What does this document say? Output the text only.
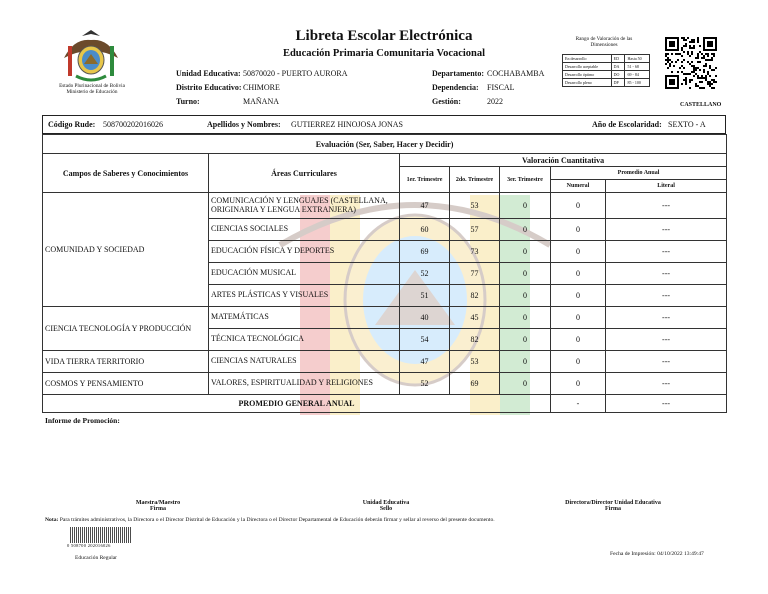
Estado Plurinacional de Bolivia
Ministerio de Educación
Libreta Escolar Electrónica
Educación Primaria Comunitaria Vocacional
Unidad Educativa: 50870020 - PUERTO AURORA
Distrito Educativo: CHIMORE
Turno:	MAÑANA
Departamento: COCHABAMBA
Dependencia: FISCAL
Gestión:	2022
Rango de Valoración de las Dimensiones
En desarrollo	ED	Hasta 50
Desarrollo aceptable	DA	51 - 68
Desarrollo óptimo	DO	69 - 84
Desarrollo pleno	DP	85 - 100
CASTELLANO
Código Rude: 508700202016026	Apellidos y Nombres: GUTIERREZ HINOJOSA JONAS	Año de Escolaridad: SEXTO - A
Evaluación (Ser, Saber, Hacer y Decidir)						
Campos de Saberes y Conocimientos	Áreas Curriculares	Valoración Cuantitativa				
		1er. Trimestre	2do. Trimestre	3er. Trimestre	Promedio Anual	
					Numeral	Literal
COMUNIDAD Y SOCIEDAD	COMUNICACIÓN Y LENGUAJES (CASTELLANA, ORIGINARIA Y LENGUA EXTRANJERA)	47	53	0	0	---
	CIENCIAS SOCIALES	60	57	0	0	---
	EDUCACIÓN FÍSICA Y DEPORTES	69	73	0	0	---
	EDUCACIÓN MUSICAL	52	77	0	0	---
	ARTES PLÁSTICAS Y VISUALES	51	82	0	0	---
CIENCIA TECNOLOGÍA Y PRODUCCIÓN	MATEMÁTICAS	40	45	0	0	---
	TÉCNICA TECNOLÓGICA	54	82	0	0	---
VIDA TIERRA TERRITORIO	CIENCIAS NATURALES	47	53	0	0	---
COSMOS Y PENSAMIENTO	VALORES, ESPIRITUALIDAD Y RELIGIONES	52	69	0	0	---
PROMEDIO GENERAL ANUAL					-	---
Informe de Promoción:
Maestra/Maestro
Firma
Unidad Educativa
Sello
Directora/Director Unidad Educativa
Firma
Nota: Para trámites administrativos, la Directora o el Director Distrital de Educación y la Directora o el Director Departamental de Educación deberán firmar y sellar al reverso del presente documento.
0 508700 202016026
Educación Regular
Fecha de Impresión: 04/10/2022 13:49:47
